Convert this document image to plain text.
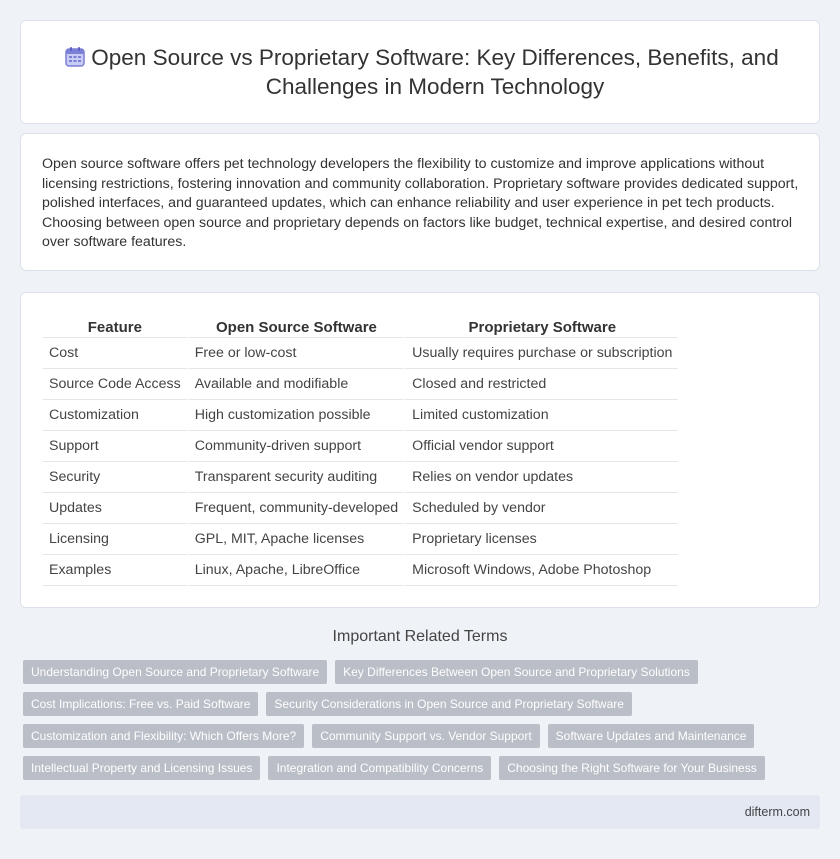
Open Source vs Proprietary Software: Key Differences, Benefits, and Challenges in Modern Technology

Open source software offers pet technology developers the flexibility to customize and improve applications without licensing restrictions, fostering innovation and community collaboration. Proprietary software provides dedicated support, polished interfaces, and guaranteed updates, which can enhance reliability and user experience in pet tech products. Choosing between open source and proprietary depends on factors like budget, technical expertise, and desired control over software features.

Feature	Open Source Software	Proprietary Software
Cost	Free or low-cost	Usually requires purchase or subscription
Source Code Access	Available and modifiable	Closed and restricted
Customization	High customization possible	Limited customization
Support	Community-driven support	Official vendor support
Security	Transparent security auditing	Relies on vendor updates
Updates	Frequent, community-developed	Scheduled by vendor
Licensing	GPL, MIT, Apache licenses	Proprietary licenses
Examples	Linux, Apache, LibreOffice	Microsoft Windows, Adobe Photoshop
Important Related Terms
Understanding Open Source and Proprietary Software	Key Differences Between Open Source and Proprietary Solutions
Cost Implications: Free vs. Paid Software	Security Considerations in Open Source and Proprietary Software
Customization and Flexibility: Which Offers More?	Community Support vs. Vendor Support	Software Updates and Maintenance
Intellectual Property and Licensing Issues	Integration and Compatibility Concerns	Choosing the Right Software for Your Business
difterm.com
